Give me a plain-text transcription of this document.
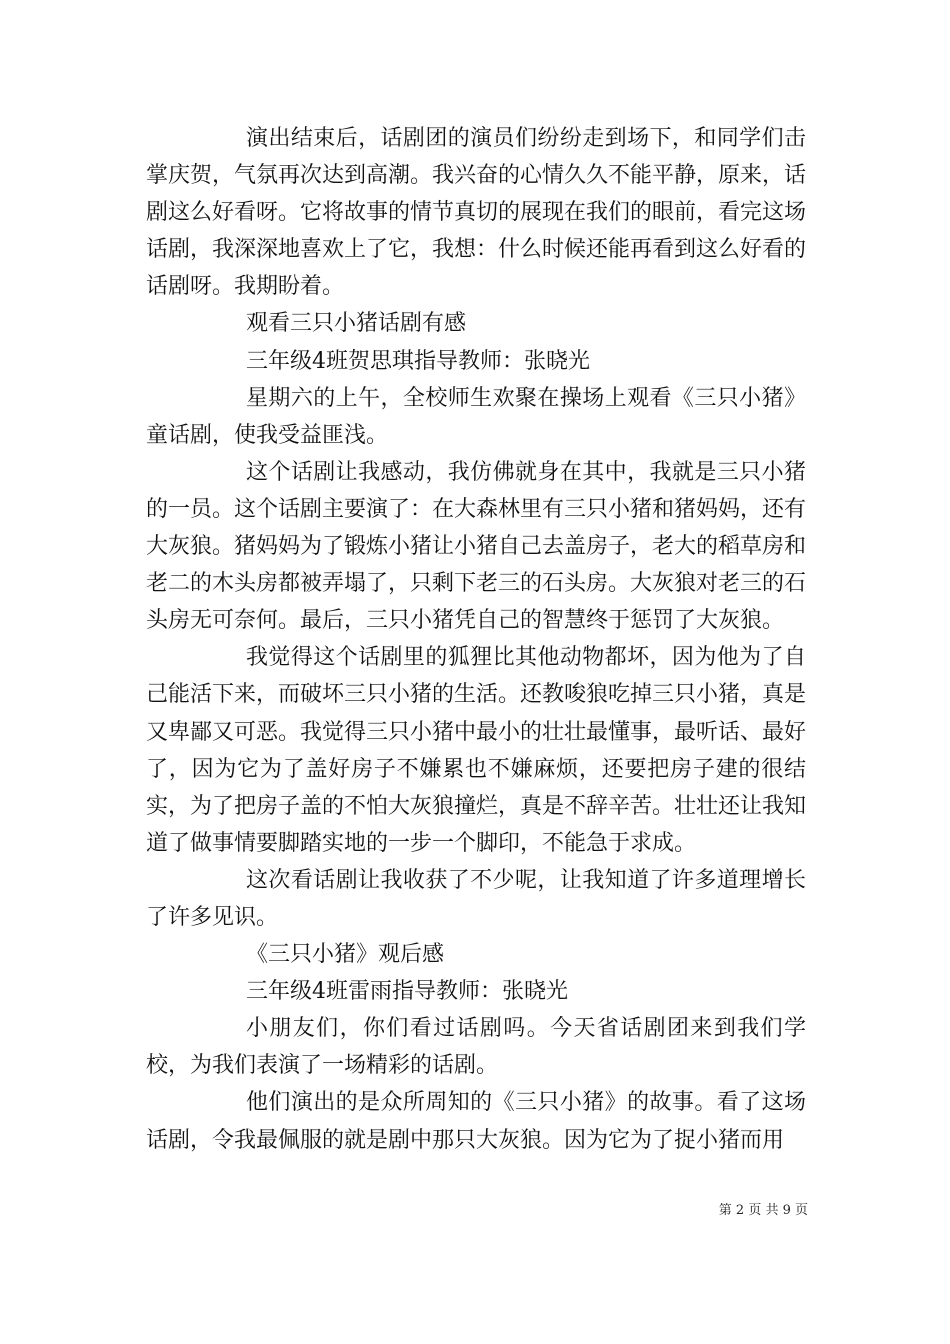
演出结束后，话剧团的演员们纷纷走到场下，和同学们击掌庆贺，气氛再次达到高潮。我兴奋的心情久久不能平静，原来，话剧这么好看呀。它将故事的情节真切的展现在我们的眼前，看完这场话剧，我深深地喜欢上了它，我想：什么时候还能再看到这么好看的话剧呀。我期盼着。

观看三只小猪话剧有感

三年级4班贺思琪指导教师：张晓光

星期六的上午，全校师生欢聚在操场上观看《三只小猪》童话剧，使我受益匪浅。

这个话剧让我感动，我仿佛就身在其中，我就是三只小猪的一员。这个话剧主要演了：在大森林里有三只小猪和猪妈妈，还有大灰狼。猪妈妈为了锻炼小猪让小猪自己去盖房子，老大的稻草房和老二的木头房都被弄塌了，只剩下老三的石头房。大灰狼对老三的石头房无可奈何。最后，三只小猪凭自己的智慧终于惩罚了大灰狼。

我觉得这个话剧里的狐狸比其他动物都坏，因为他为了自己能活下来，而破坏三只小猪的生活。还教唆狼吃掉三只小猪，真是又卑鄙又可恶。我觉得三只小猪中最小的壮壮最懂事，最听话、最好了，因为它为了盖好房子不嫌累也不嫌麻烦，还要把房子建的很结实，为了把房子盖的不怕大灰狼撞烂，真是不辞辛苦。壮壮还让我知道了做事情要脚踏实地的一步一个脚印，不能急于求成。

这次看话剧让我收获了不少呢，让我知道了许多道理增长了许多见识。

《三只小猪》观后感

三年级4班雷雨指导教师：张晓光

小朋友们，你们看过话剧吗。今天省话剧团来到我们学校，为我们表演了一场精彩的话剧。

他们演出的是众所周知的《三只小猪》的故事。看了这场话剧，令我最佩服的就是剧中那只大灰狼。因为它为了捉小猪而用

第 2 页 共 9 页
